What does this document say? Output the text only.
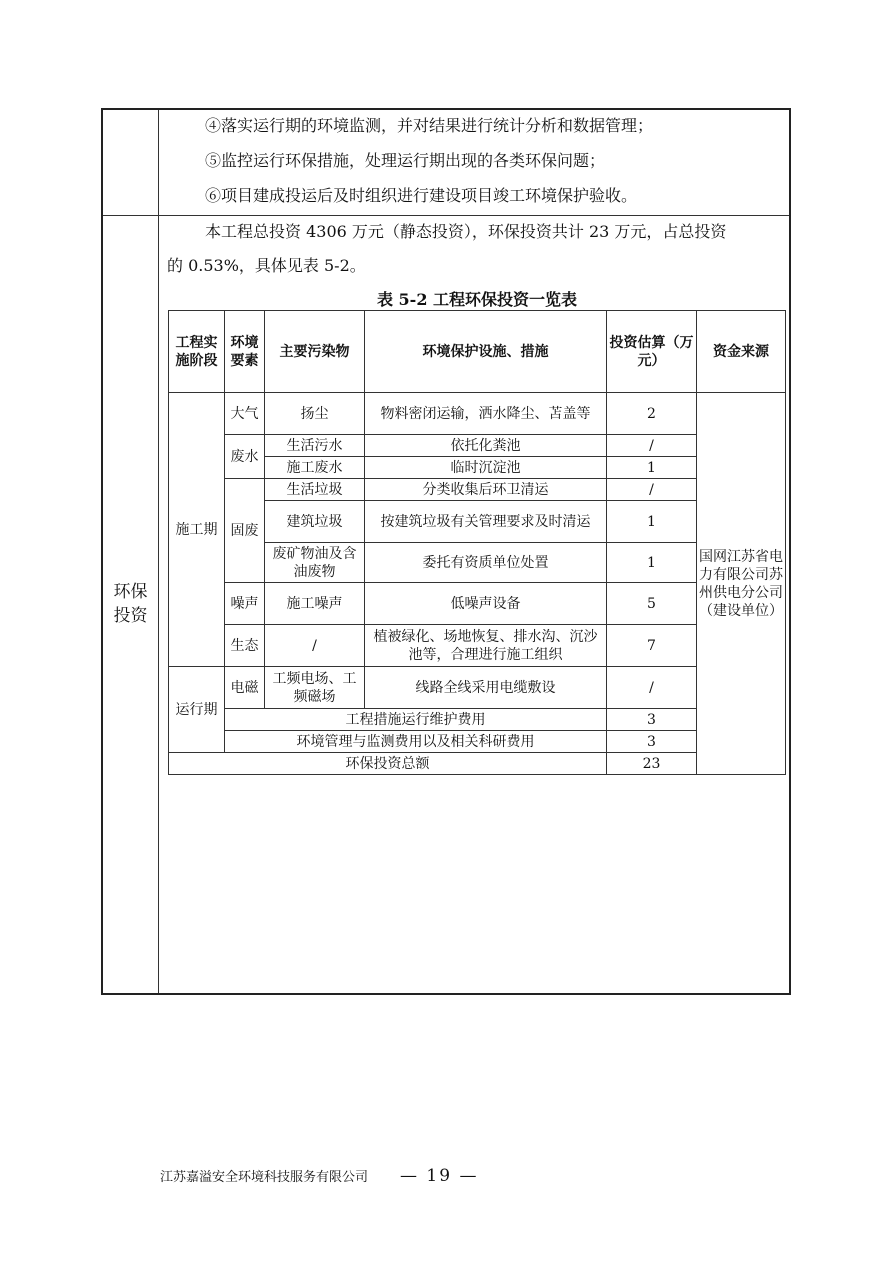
环保
投资
④落实运行期的环境监测，并对结果进行统计分析和数据管理；
⑤监控运行环保措施，处理运行期出现的各类环保问题；
⑥项目建成投运后及时组织进行建设项目竣工环境保护验收。
本工程总投资 4306 万元（静态投资），环保投资共计 23 万元，占总投资
的 0.53%，具体见表 5-2。
表 5-2 工程环保投资一览表
工程实施阶段	环境要素	主要污染物	环境保护设施、措施	投资估算（万元）	资金来源
施工期	大气	扬尘	物料密闭运输，洒水降尘、苫盖等	2	国网江苏省电力有限公司苏州供电分公司（建设单位）
	废水	生活污水	依托化粪池	/	
		施工废水	临时沉淀池	1	
	固废	生活垃圾	分类收集后环卫清运	/	
		建筑垃圾	按建筑垃圾有关管理要求及时清运	1	
		废矿物油及含油废物	委托有资质单位处置	1	
	噪声	施工噪声	低噪声设备	5	
	生态	/	植被绿化、场地恢复、排水沟、沉沙池等，合理进行施工组织	7	
运行期	电磁	工频电场、工频磁场	线路全线采用电缆敷设	/	
	工程措施运行维护费用			3	
	环境管理与监测费用以及相关科研费用			3	
环保投资总额				23	
江苏嘉溢安全环境科技服务有限公司 — 19 —
